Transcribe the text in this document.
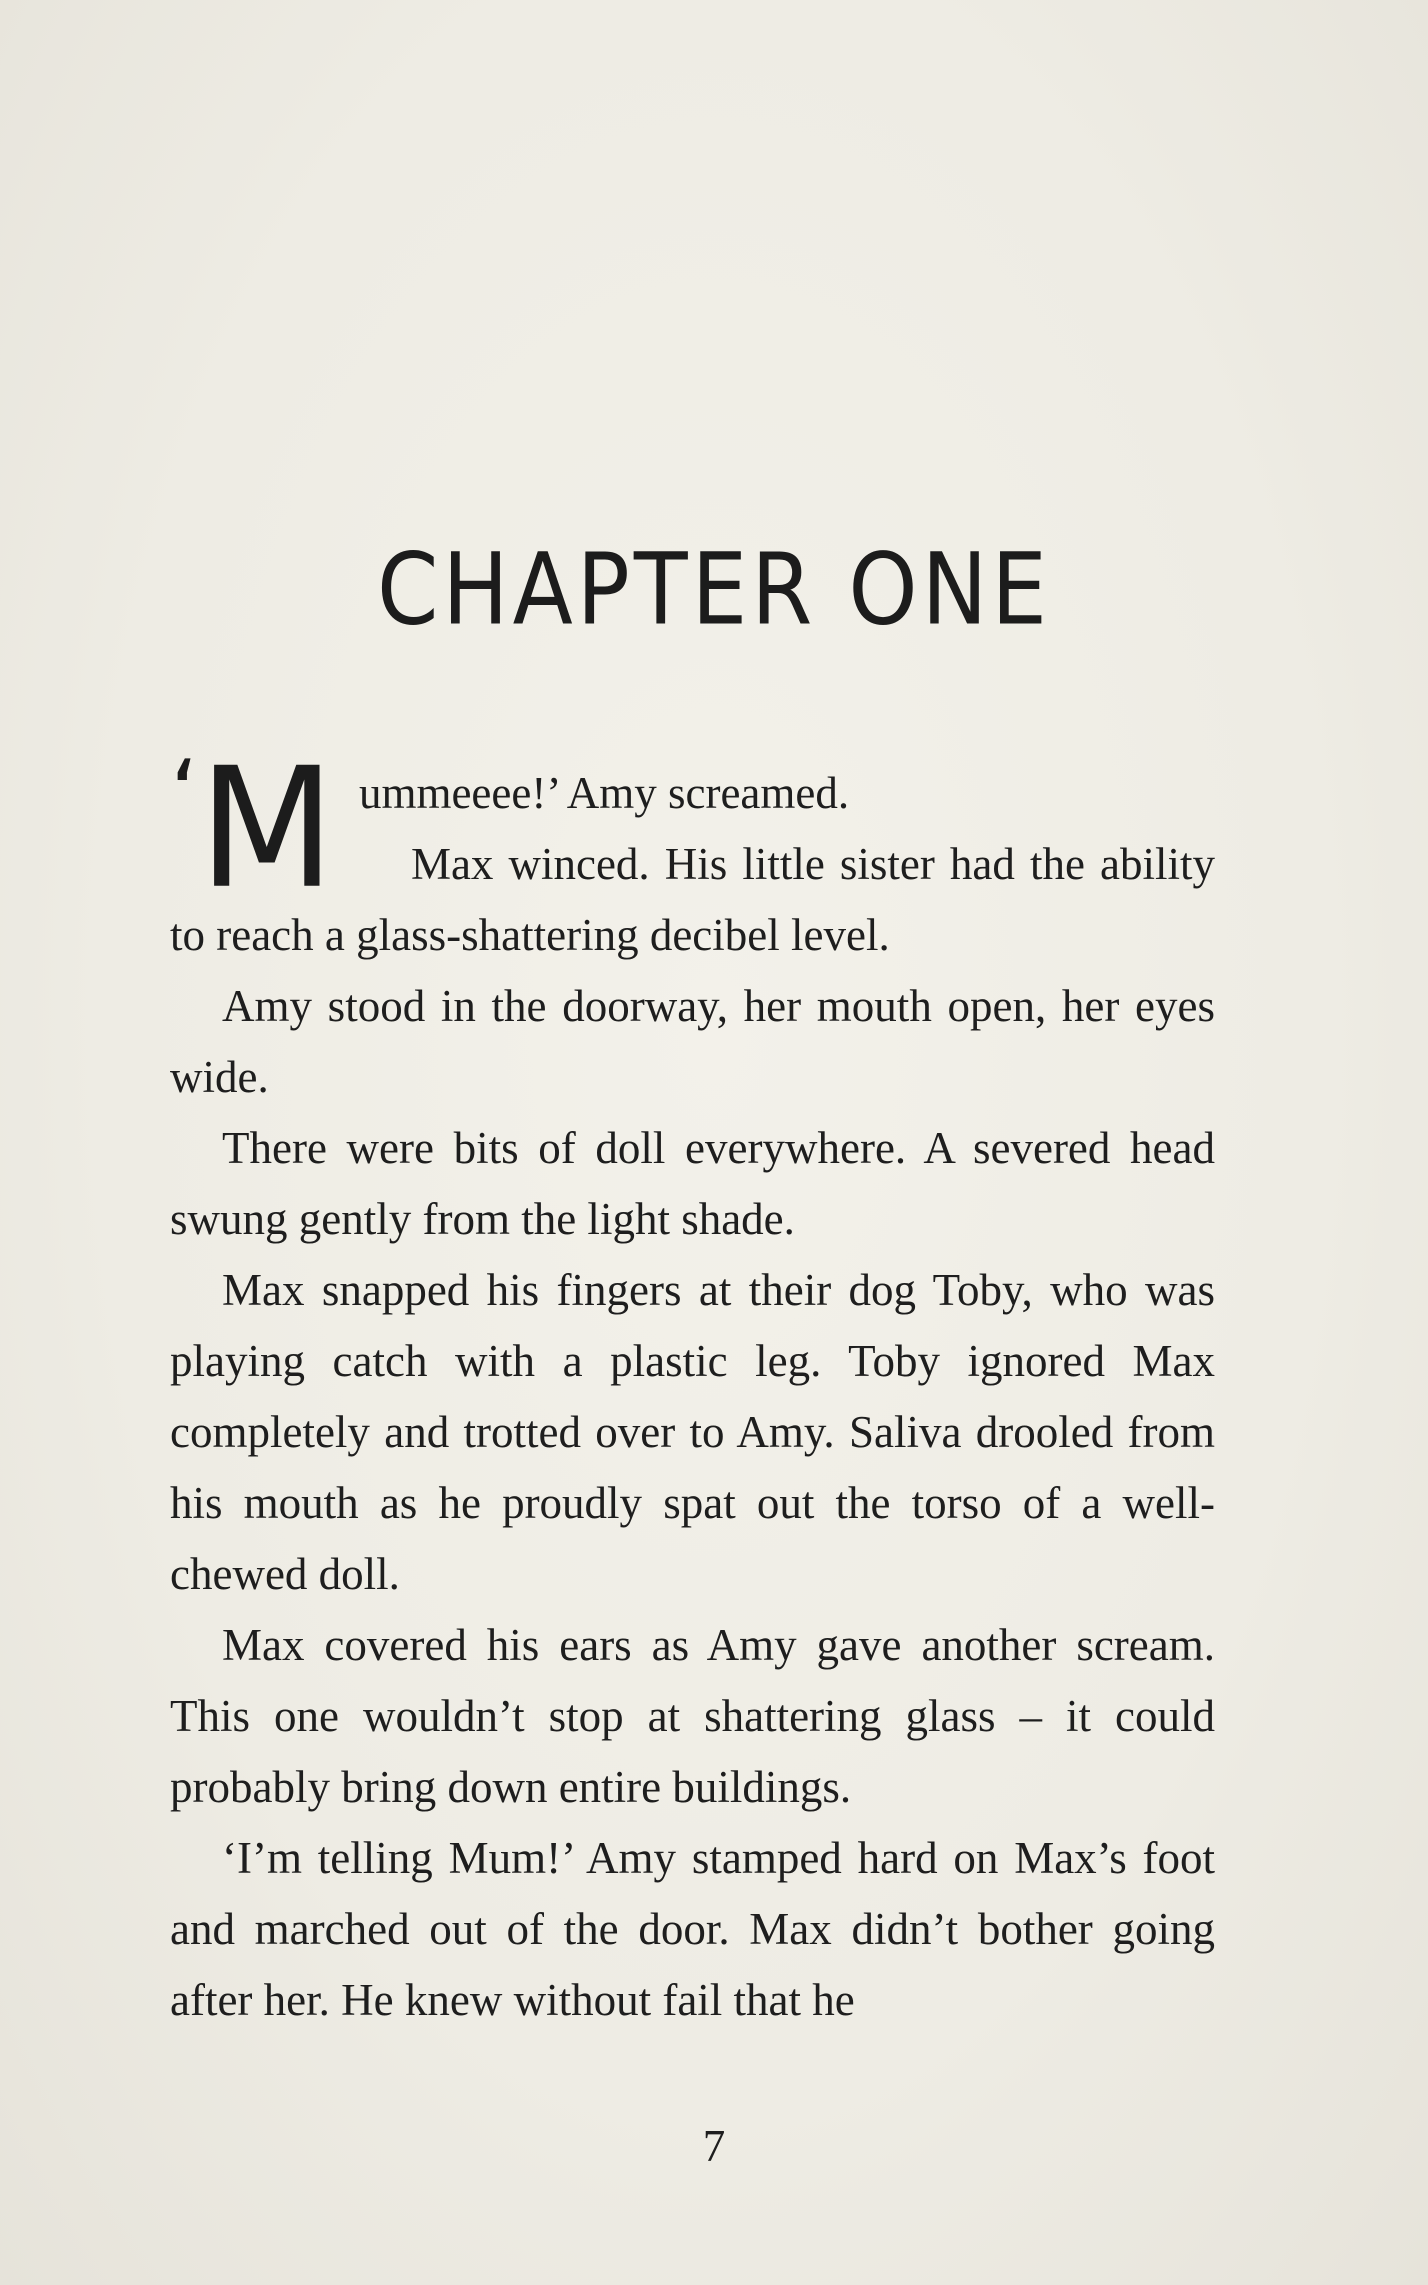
CHAPTER ONE

‘ M ummeeee!’ Amy screamed.

Max winced. His little sister had the ability to reach a glass-shattering decibel level.

Amy stood in the doorway, her mouth open, her eyes wide.

There were bits of doll everywhere. A severed head swung gently from the light shade.

Max snapped his fingers at their dog Toby, who was playing catch with a plastic leg. Toby ignored Max completely and trotted over to Amy. Saliva drooled from his mouth as he proudly spat out the torso of a well-chewed doll.

Max covered his ears as Amy gave another scream. This one wouldn’t stop at shattering glass – it could probably bring down entire buildings.

‘I’m telling Mum!’ Amy stamped hard on Max’s foot and marched out of the door. Max didn’t bother going after her. He knew without fail that he

7
